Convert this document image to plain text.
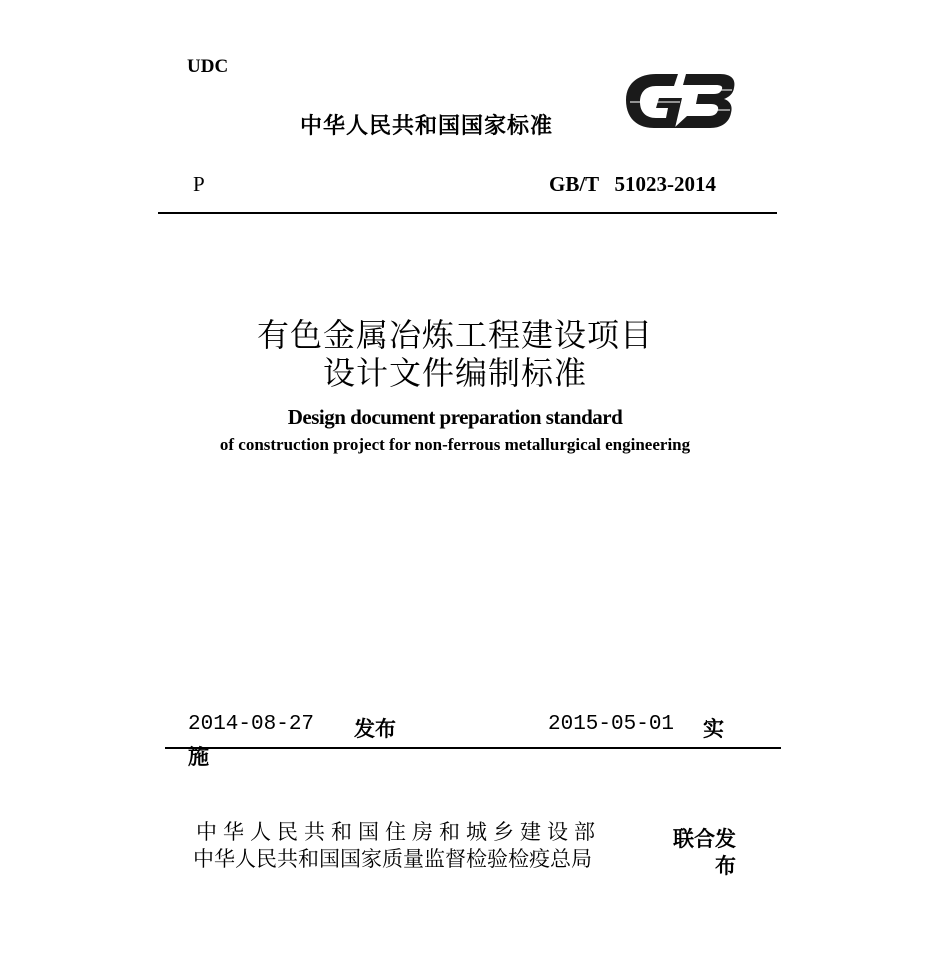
UDC
中华人民共和国国家标准
P	GB/T   51023-2014
有色金属冶炼工程建设项目
设计文件编制标准
Design document preparation standard
of construction project for non-ferrous metallurgical engineering
2014-08-27 发布	2015-05-01 实
施
中华人民共和国住房和城乡建设部
中华人民共和国国家质量监督检验检疫总局
联合发布
